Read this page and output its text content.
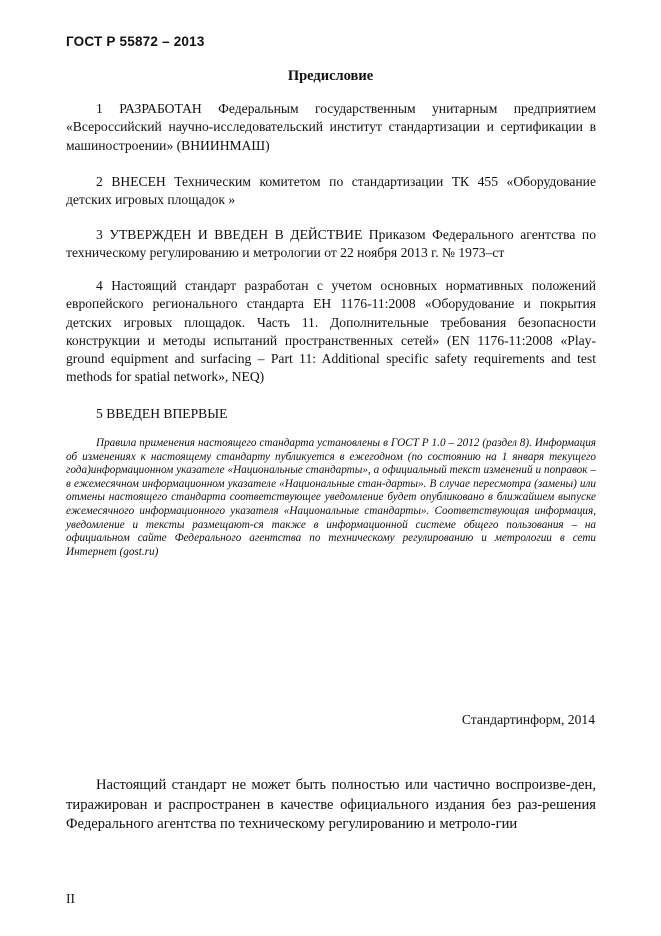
ГОСТ Р 55872 – 2013
Предисловие
1 РАЗРАБОТАН Федеральным государственным унитарным предприятием «Всероссийский научно-исследовательский институт стандартизации и сертификации в машиностроении» (ВНИИНМАШ)
2 ВНЕСЕН Техническим комитетом по стандартизации ТК 455 «Оборудование детских игровых площадок »
3 УТВЕРЖДЕН И ВВЕДЕН В ДЕЙСТВИЕ Приказом Федерального агентства по техническому регулированию и метрологии от 22 ноября 2013 г. № 1973–ст
4 Настоящий стандарт разработан с учетом основных нормативных положений европейского регионального стандарта ЕН 1176-11:2008 «Оборудование и покрытия детских игровых площадок. Часть 11. Дополнительные требования безопасности конструкции и методы испытаний пространственных сетей» (EN 1176-11:2008 «Play-ground equipment and surfacing – Part 11: Additional specific safety requirements and test methods for spatial network», NEQ)
5 ВВЕДЕН ВПЕРВЫЕ
Правила применения настоящего стандарта установлены в ГОСТ Р 1.0 – 2012 (раздел 8). Информация об изменениях к настоящему стандарту публикуется в ежегодном (по состоянию на 1 января текущего года)информационном указателе «Национальные стандарты», а официальный текст изменений и поправок – в ежемесячном информационном указателе «Национальные стан-дарты». В случае пересмотра (замены) или отмены настоящего стандарта соответствующее уведомление будет опубликовано в ближайшем выпуске ежемесячного информационного указателя «Национальные стандарты». Соответствующая информация, уведомление и тексты размещают-ся также в информационной системе общего пользования – на официальном сайте Федерального агентства по техническому регулированию и метрологии в сети Интернет (gost.ru)
Стандартинформ, 2014
Настоящий стандарт не может быть полностью или частично воспроизве-ден, тиражирован и распространен в качестве официального издания без раз-решения Федерального агентства по техническому регулированию и метроло-гии
II
